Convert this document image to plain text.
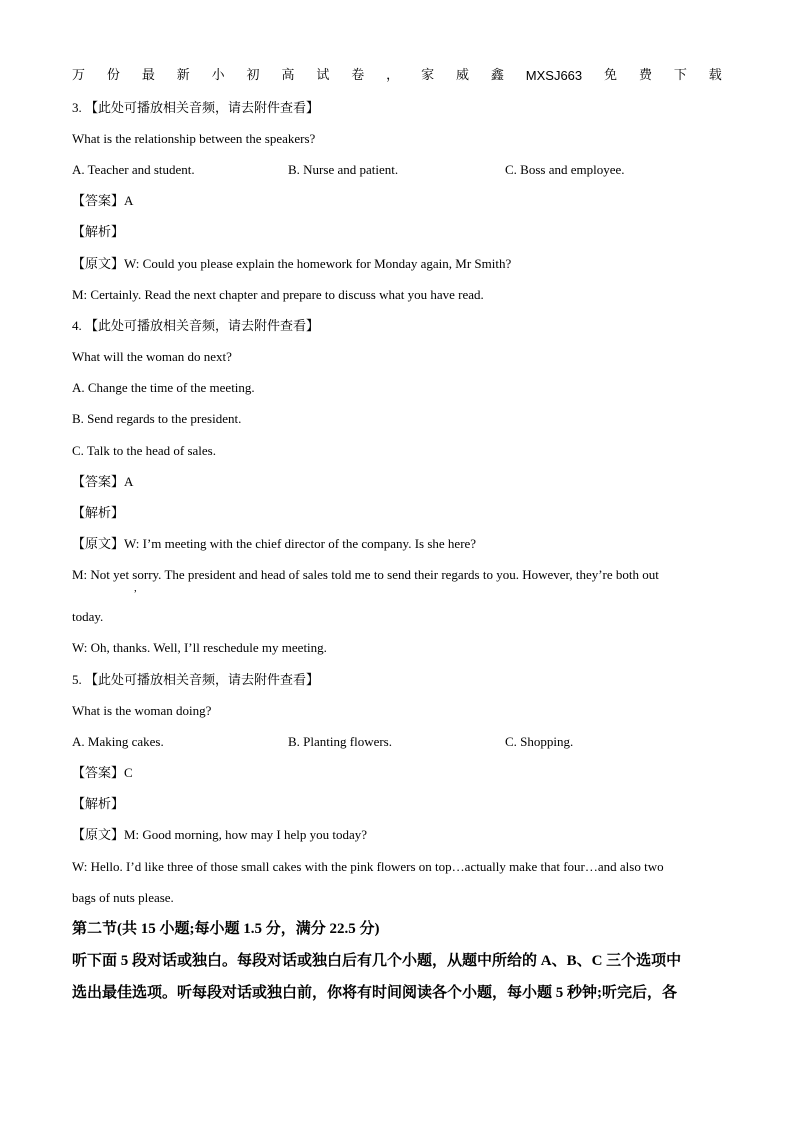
万 份 最 新 小 初 高 试 卷 ， 家 威 鑫 MXSJ663 免 费 下 载
3. 【此处可播放相关音频，请去附件查看】
What is the relationship between the speakers?
A. Teacher and student.	B. Nurse and patient.	C. Boss and employee.
【答案】A
【解析】
【原文】W: Could you please explain the homework for Monday again, Mr Smith?
M: Certainly. Read the next chapter and prepare to discuss what you have read.
4. 【此处可播放相关音频，请去附件查看】
What will the woman do next?
A. Change the time of the meeting.
B. Send regards to the president.
C. Talk to the head of sales.
【答案】A
【解析】
【原文】W: I’m meeting with the chief director of the company. Is she here?
M: Not yet sorry. The president and head of sales told me to send their regards to you. However, they’re both out
,
today.
W: Oh, thanks. Well, I’ll reschedule my meeting.
5. 【此处可播放相关音频，请去附件查看】
What is the woman doing?
A. Making cakes.	B. Planting flowers.	C. Shopping.
【答案】C
【解析】
【原文】M: Good morning, how may I help you today?
W: Hello. I’d like three of those small cakes with the pink flowers on top…actually make that four…and also two
bags of nuts please.
第二节(共 15 小题;每小题 1.5 分，满分 22.5 分)
听下面 5 段对话或独白。每段对话或独白后有几个小题，从题中所给的 A、B、C 三个选项中
选出最佳选项。听每段对话或独白前，你将有时间阅读各个小题，每小题 5 秒钟;听完后，各
